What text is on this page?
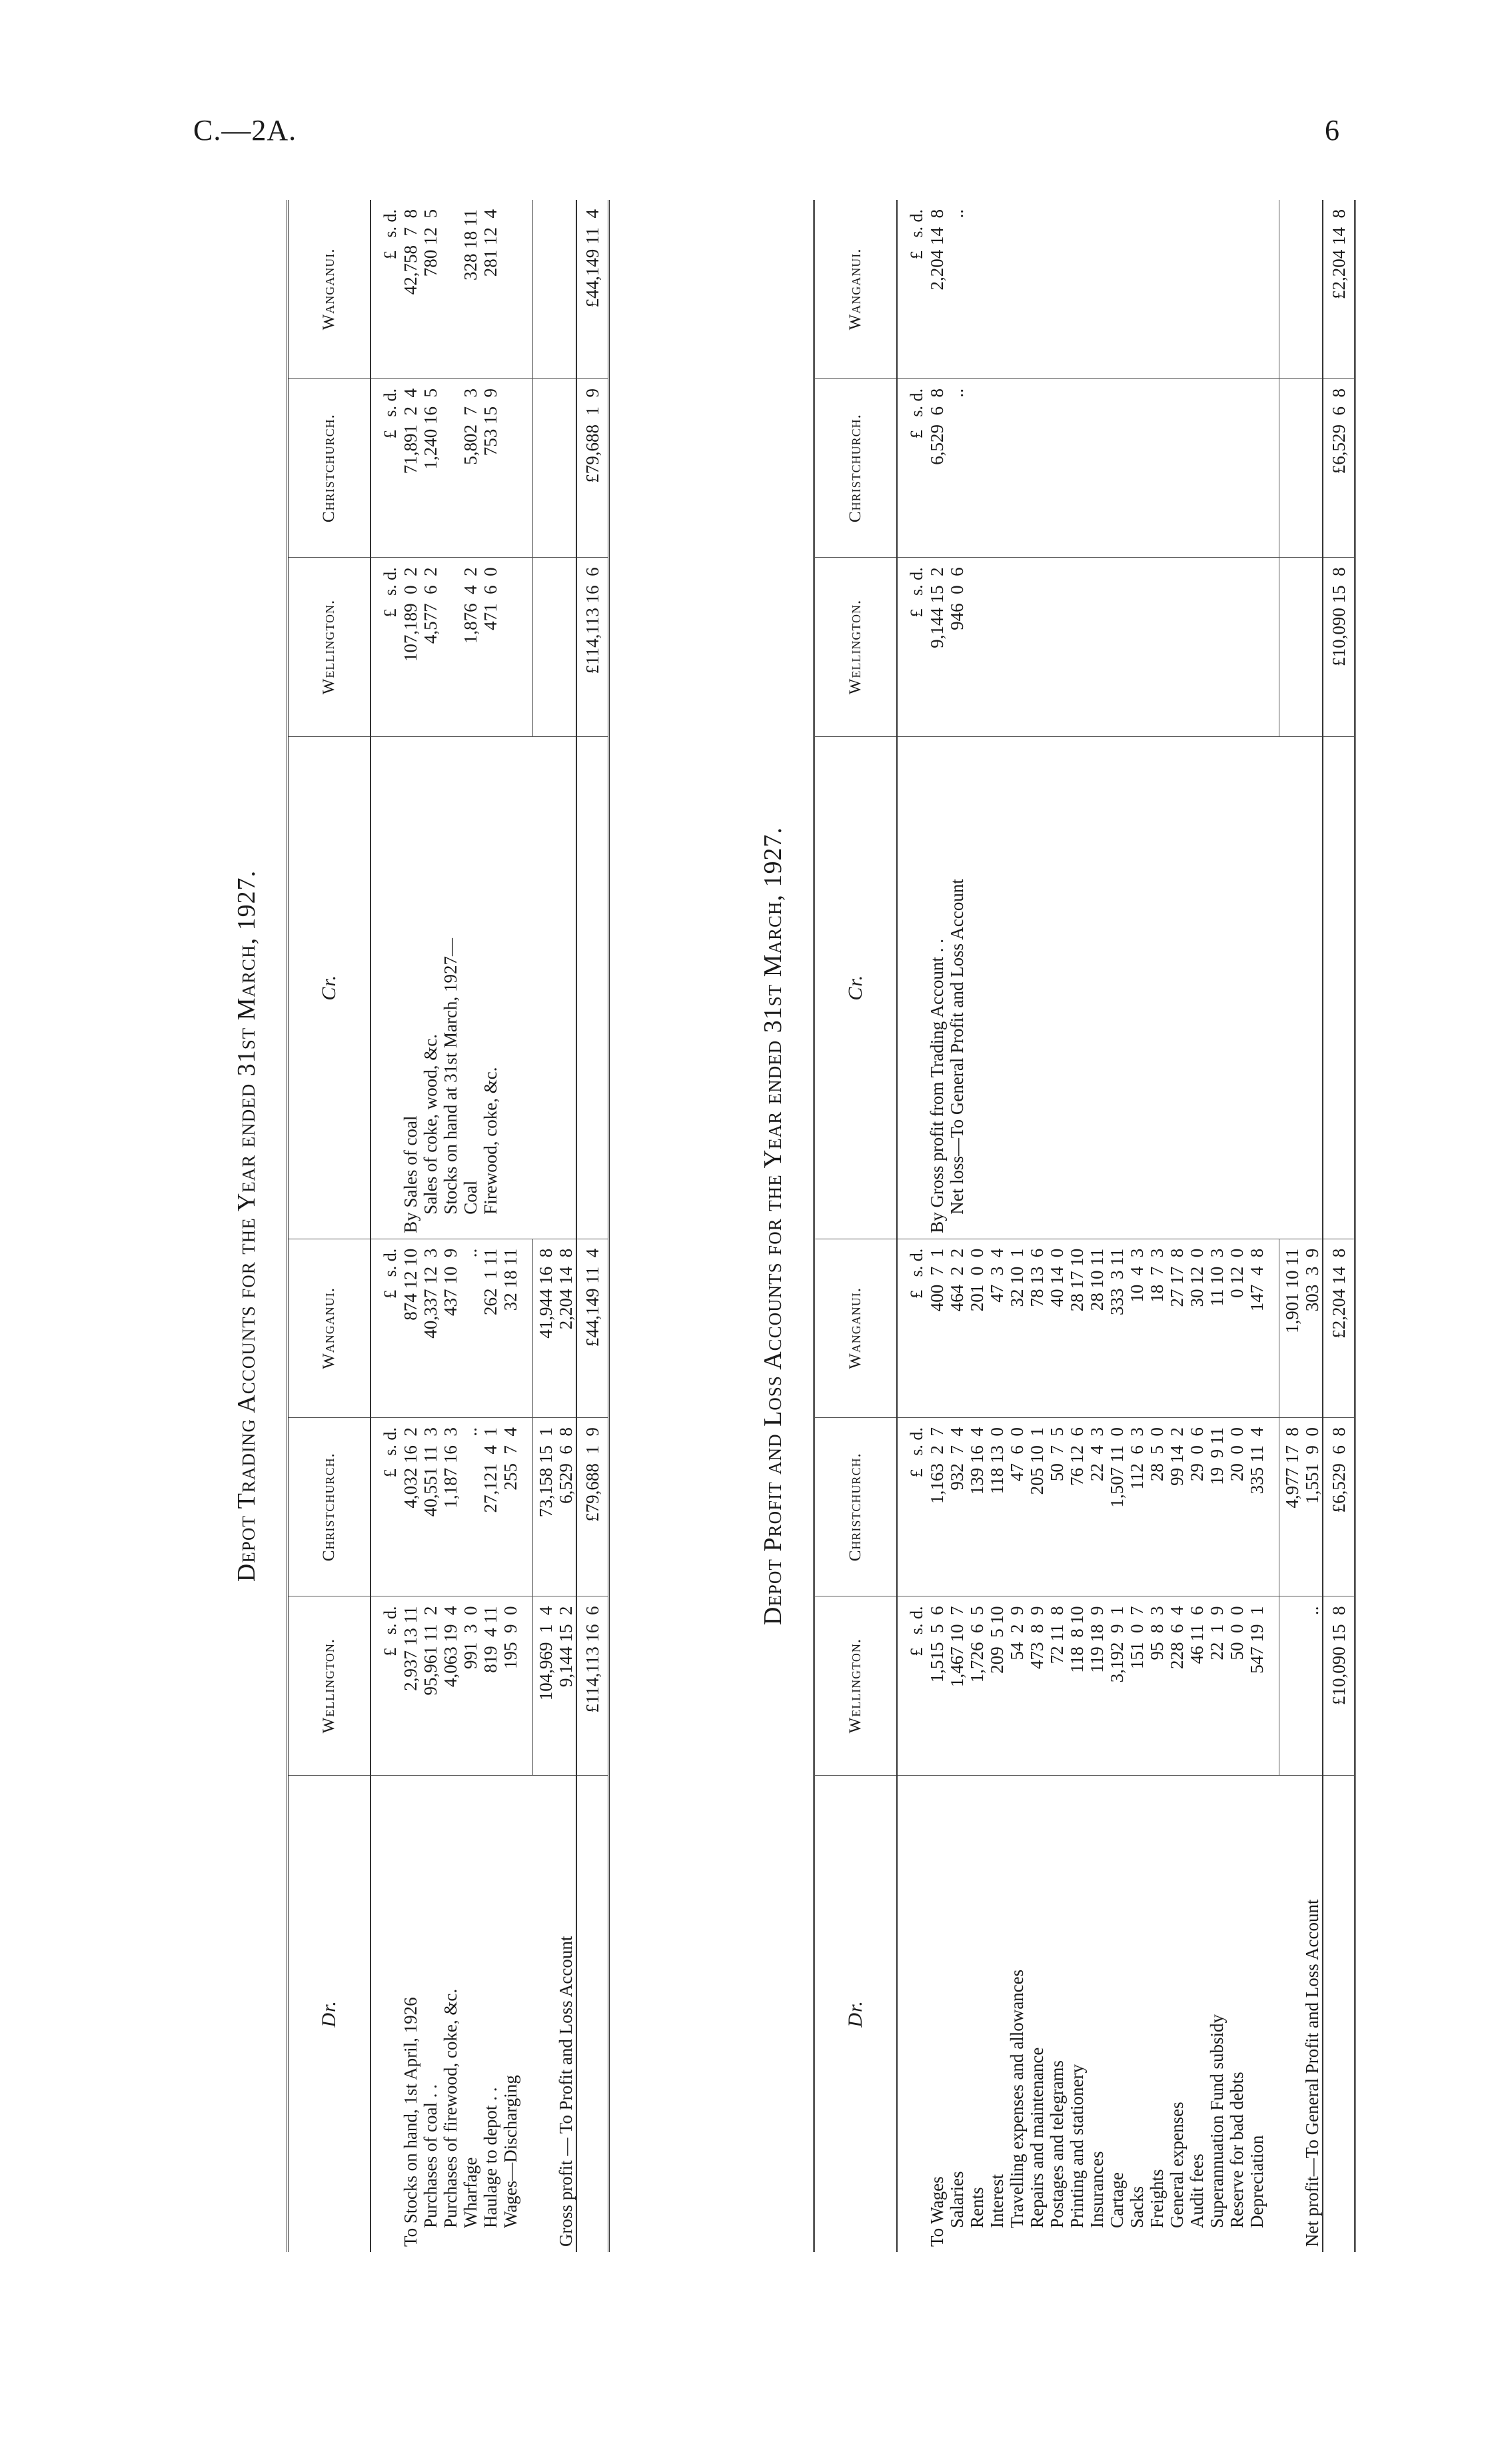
C.—2A.	6
Depot Trading Accounts for the Year ended 31st March, 1927.
Dr.	Wellington.	Christchurch.	Wanganui.	Cr.	Wellington.	Christchurch.	Wanganui.
	£   s. d.	£   s. d.	£   s. d.		£   s. d.	£   s. d.	£   s. d.
To Stocks on hand, 1st April, 1926	2,937 13 11	4,032 16  2	874 12 10	By Sales of coal	107,189  0  2	71,891  2  4	42,758  7  8
Purchases of coal . .	95,961 11  2	40,551 11  3	40,337 12  3	Sales of coke, wood, &c.	4,577  6  2	1,240 16  5	780 12  5
Purchases of firewood, coke, &c.	4,063 19  4	1,187 16  3	437 10  9	Stocks on hand at 31st March, 1927—			
Wharfage	991  3  0	..	..	Coal	1,876  4  2	5,802  7  3	328 18 11
Haulage to depot . .	819  4 11	27,121  4  1	262  1 11	Firewood, coke, &c.	471  6  0	753 15  9	281 12  4
Wages—Discharging	195  9  0	255  7  4	32 18 11				

	104,969  1  4	73,158 15  1	41,944 16  8				
Gross profit — To Profit and Loss Account	9,144 15  2	6,529  6  8	2,204 14  8				
	£114,113 16  6	£79,688  1  9	£44,149 11  4		£114,113 16  6	£79,688  1  9	£44,149 11  4
Depot Profit and Loss Accounts for the Year ended 31st March, 1927.
Dr.	Wellington.	Christchurch.	Wanganui.	Cr.	Wellington.	Christchurch.	Wanganui.
	£   s. d.	£   s. d.	£   s. d.		£   s. d.	£   s. d.	£   s. d.
To Wages	1,515  5  6	1,163  2  7	400  7  1	By Gross profit from Trading Account . .	9,144 15  2	6,529  6  8	2,204 14  8
Salaries	1,467 10  7	932  7  4	464  2  2	Net loss—To General Profit and Loss Account	946  0  6	..	..
Rents	1,726  6  5	139 16  4	201  0  0				
Interest	209  5 10	118 13  0	47  3  4				
Travelling expenses and allowances	54  2  9	47  6  0	32 10  1				
Repairs and maintenance	473  8  9	205 10  1	78 13  6				
Postages and telegrams	72 11  8	50  7  5	40 14  0				
Printing and stationery	118  8 10	76 12  6	28 17 10				
Insurances	119 18  9	22  4  3	28 10 11				
Cartage	3,192  9  1	1,507 11  0	333  3 11				
Sacks	151  0  7	112  6  3	10  4  3				
Freights	95  8  3	28  5  0	18  7  3				
General expenses	228  6  4	99 14  2	27 17  8				
Audit fees	46 11  6	29  0  6	30 12  0				
Superannuation Fund subsidy	22  1  9	19  9 11	11 10  3				
Reserve for bad debts	50  0  0	20  0  0	0 12  0				
Depreciation	547 19  1	335 11  4	147  4  8				

		4,977 17  8	1,901 10 11				
Net profit—To General Profit and Loss Account	..	1,551  9  0	303  3  9				
	£10,090 15  8	£6,529  6  8	£2,204 14  8		£10,090 15  8	£6,529  6  8	£2,204 14  8
